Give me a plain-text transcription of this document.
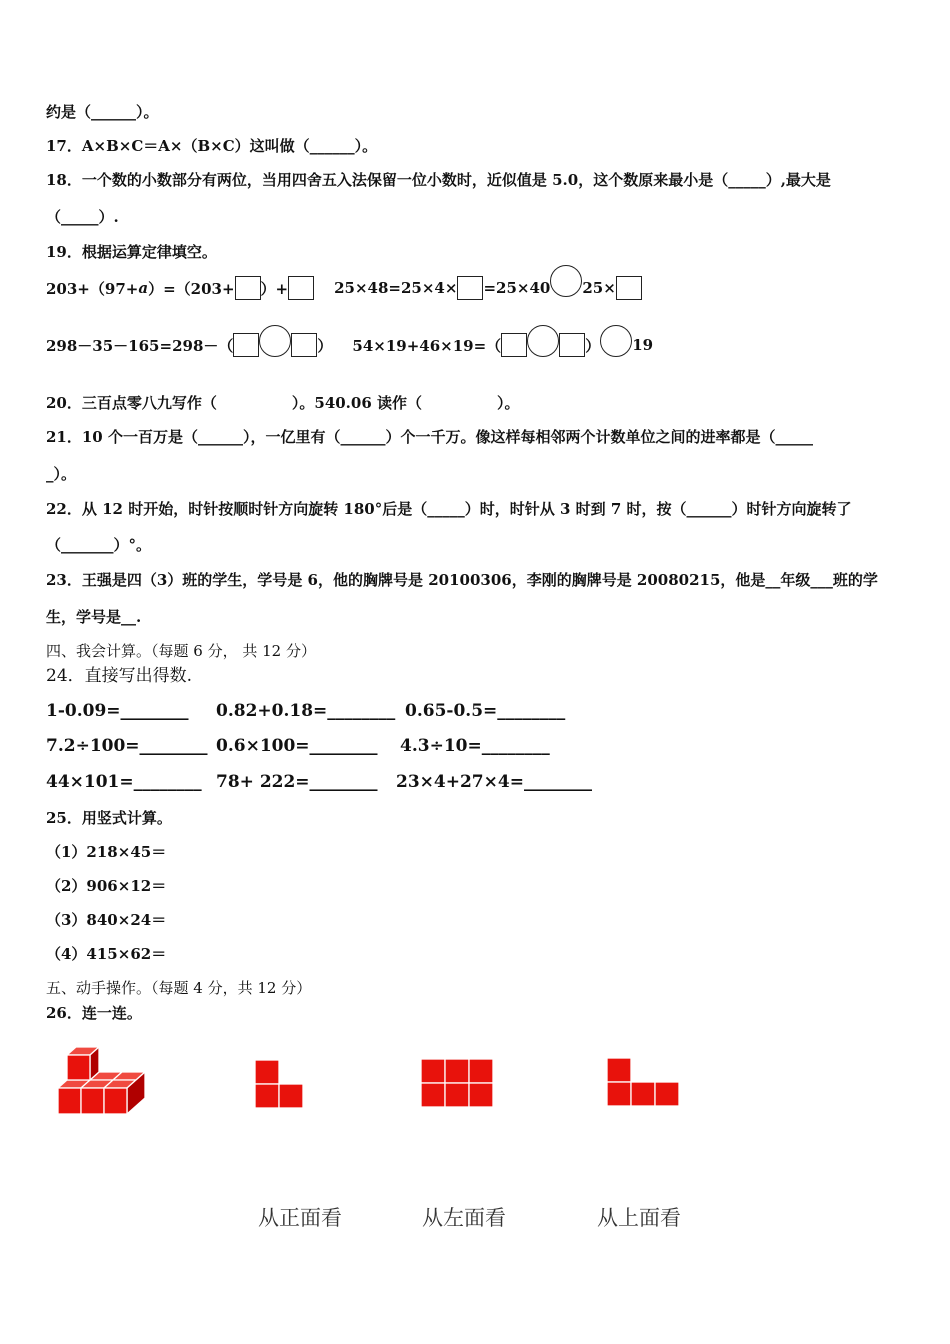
约是（______）。
17．A×B×C＝A×（B×C）这叫做（______）。
18．一个数的小数部分有两位，当用四舍五入法保留一位小数时，近似值是 5.0，这个数原来最小是（_____）,最大是
（_____）.
19．根据运算定律填空。
203+（97+ a ）=（203+ ）+	25×48=25×4× =25×40 25×
298－35－165=298－（	） 54×19+46×19=（	） 19
20．三百点零八九写作（　　　　　）。540.06 读作（　　　　　）。
21．10 个一百万是（______），一亿里有（______）个一千万。像这样每相邻两个计数单位之间的进率都是（_____
_）。
22．从 12 时开始，时针按顺时针方向旋转 180°后是（_____）时，时针从 3 时到 7 时，按（______）时针方向旋转了
（_______）°。
23．王强是四（3）班的学生，学号是 6，他的胸牌号是 20100306，李刚的胸牌号是 20080215，他是__年级___班的学
生，学号是__.
四、我会计算。（每题 6 分， 共 12 分）
24．直接写出得数.
1-0.09=________ 0.82+0.18=________ 0.65-0.5=________
7.2÷100=________ 0.6×100=________ 4.3÷10=________
44×101=________ 78+ 222=________ 23×4+27×4=________
25．用竖式计算。
（1）218×45＝
（2）906×12＝
（3）840×24＝
（4）415×62＝
五、动手操作。（每题 4 分，共 12 分）
26．连一连。
从正面看	从左面看	从上面看
